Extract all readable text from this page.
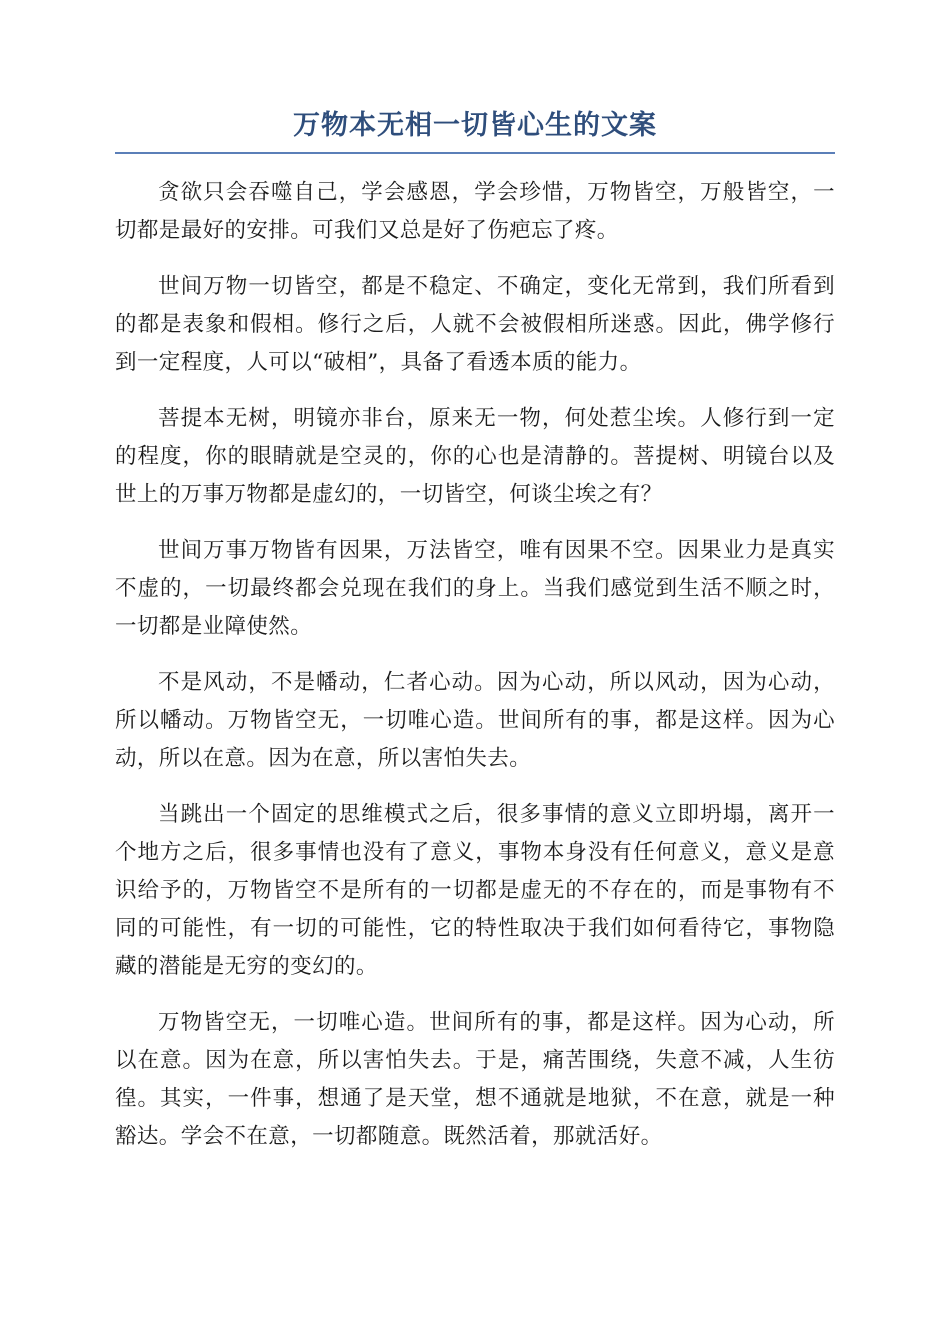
万物本无相一切皆心生的文案

贪欲只会吞噬自己，学会感恩，学会珍惜，万物皆空，万般皆空，一切都是最好的安排。可我们又总是好了伤疤忘了疼。

世间万物一切皆空，都是不稳定、不确定，变化无常到，我们所看到的都是表象和假相。修行之后，人就不会被假相所迷惑。因此，佛学修行到一定程度，人可以“破相”，具备了看透本质的能力。

菩提本无树，明镜亦非台，原来无一物，何处惹尘埃。人修行到一定的程度，你的眼睛就是空灵的，你的心也是清静的。菩提树、明镜台以及世上的万事万物都是虚幻的，一切皆空，何谈尘埃之有？

世间万事万物皆有因果，万法皆空，唯有因果不空。因果业力是真实不虚的，一切最终都会兑现在我们的身上。当我们感觉到生活不顺之时，一切都是业障使然。

不是风动，不是幡动，仁者心动。因为心动，所以风动，因为心动，所以幡动。万物皆空无，一切唯心造。世间所有的事，都是这样。因为心动，所以在意。因为在意，所以害怕失去。

当跳出一个固定的思维模式之后，很多事情的意义立即坍塌，离开一个地方之后，很多事情也没有了意义，事物本身没有任何意义，意义是意识给予的，万物皆空不是所有的一切都是虚无的不存在的，而是事物有不同的可能性，有一切的可能性，它的特性取决于我们如何看待它，事物隐藏的潜能是无穷的变幻的。

万物皆空无，一切唯心造。世间所有的事，都是这样。因为心动，所以在意。因为在意，所以害怕失去。于是，痛苦围绕，失意不减，人生彷徨。其实，一件事，想通了是天堂，想不通就是地狱，不在意，就是一种豁达。学会不在意，一切都随意。既然活着，那就活好。
